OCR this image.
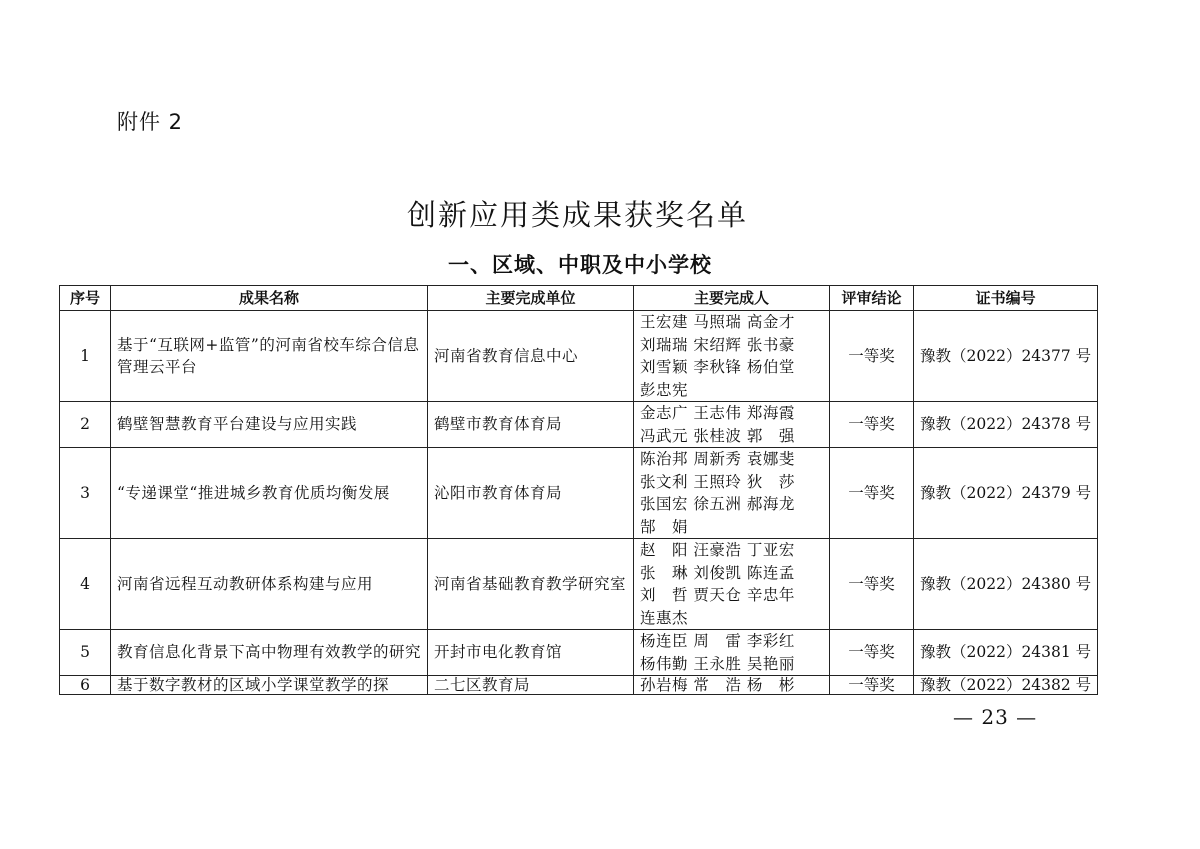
附件 2
创新应用类成果获奖名单
一、区域、中职及中小学校
序号	成果名称	主要完成单位	主要完成人	评审结论	证书编号
1	基于“互联网+监管”的河南省校车综合信息管理云平台	河南省教育信息中心	王宏建 马照瑞 高金才
刘瑞瑞 宋绍辉 张书豪
刘雪颖 李秋锋 杨伯堂
彭忠宪	一等奖	豫教（2022）24377 号
2	鹤壁智慧教育平台建设与应用实践	鹤壁市教育体育局	金志广 王志伟 郑海霞
冯武元 张桂波 郭　强	一等奖	豫教（2022）24378 号
3	“专递课堂“推进城乡教育优质均衡发展	沁阳市教育体育局	陈治邦 周新秀 袁娜斐
张文利 王照玲 狄　莎
张国宏 徐五洲 郝海龙
郜　娟	一等奖	豫教（2022）24379 号
4	河南省远程互动教研体系构建与应用	河南省基础教育教学研究室	赵　阳 汪豪浩 丁亚宏
张　琳 刘俊凯 陈连孟
刘　哲 贾天仓 辛忠年
连惠杰	一等奖	豫教（2022）24380 号
5	教育信息化背景下高中物理有效教学的研究	开封市电化教育馆	杨连臣 周　雷 李彩红
杨伟勤 王永胜 吴艳丽	一等奖	豫教（2022）24381 号
6	基于数字教材的区域小学课堂教学的探	二七区教育局	孙岩梅 常　浩 杨　彬	一等奖	豫教（2022）24382 号
— 23 —
